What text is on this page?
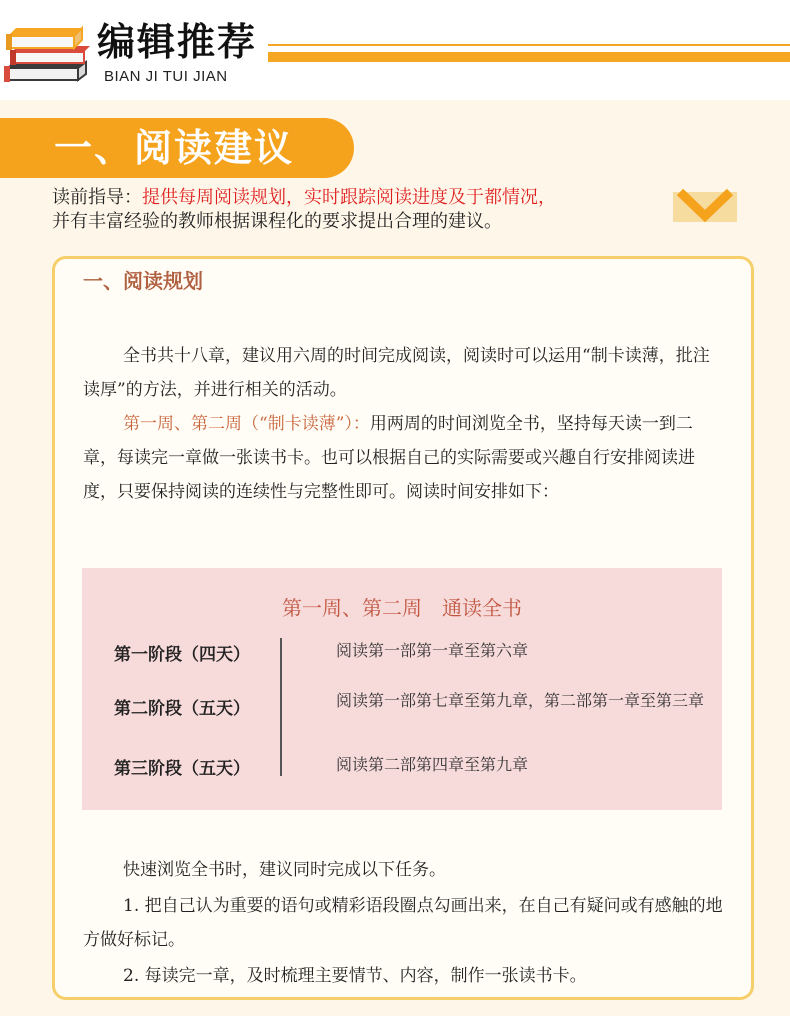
编辑推荐
BIAN JI TUI JIAN
一、阅读建议
读前指导：提供每周阅读规划，实时跟踪阅读进度及于都情况，
并有丰富经验的教师根据课程化的要求提出合理的建议。
一、阅读规划
全书共十八章，建议用六周的时间完成阅读，阅读时可以运用“制卡读薄，批注读厚”的方法，并进行相关的活动。
第一周、第二周（“制卡读薄”）：用两周的时间浏览全书，坚持每天读一到二章，每读完一章做一张读书卡。也可以根据自己的实际需要或兴趣自行安排阅读进度，只要保持阅读的连续性与完整性即可。阅读时间安排如下：
第一周、第二周　通读全书
第一阶段（四天）	阅读第一部第一章至第六章
第二阶段（五天）	阅读第一部第七章至第九章，第二部第一章至第三章
第三阶段（五天）	阅读第二部第四章至第九章
快速浏览全书时，建议同时完成以下任务。
1. 把自己认为重要的语句或精彩语段圈点勾画出来，在自己有疑问或有感触的地方做好标记。
2. 每读完一章，及时梳理主要情节、内容，制作一张读书卡。
